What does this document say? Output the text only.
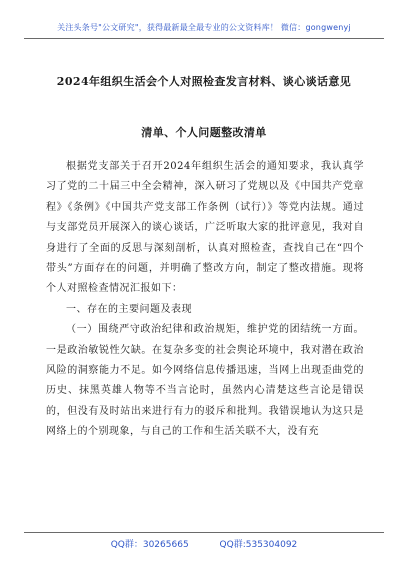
关注头条号"公文研究"，获得最新最全最专业的公文资料库！ 微信：gongwenyj
2024年组织生活会个人对照检查发言材料、谈心谈话意见
清单、个人问题整改清单

根据党支部关于召开2024年组织生活会的通知要求，我认真学习了党的二十届三中全会精神，深入研习了党规以及《中国共产党章程》《条例》《中国共产党支部工作条例（试行）》等党内法规。通过与支部党员开展深入的谈心谈话，广泛听取大家的批评意见，我对自身进行了全面的反思与深刻剖析，认真对照检查，查找自己在“四个带头”方面存在的问题，并明确了整改方向，制定了整改措施。现将个人对照检查情况汇报如下：

一、存在的主要问题及表现

（一）围绕严守政治纪律和政治规矩，维护党的团结统一方面。一是政治敏锐性欠缺。在复杂多变的社会舆论环境中，我对潜在政治风险的洞察能力不足。如今网络信息传播迅速，当网上出现歪曲党的历史、抹黑英雄人物等不当言论时，虽然内心清楚这些言论是错误的，但没有及时站出来进行有力的驳斥和批判。我错误地认为这只是网络上的个别现象，与自己的工作和生活关联不大，没有充

QQ群：30265665	QQ群:535304092
